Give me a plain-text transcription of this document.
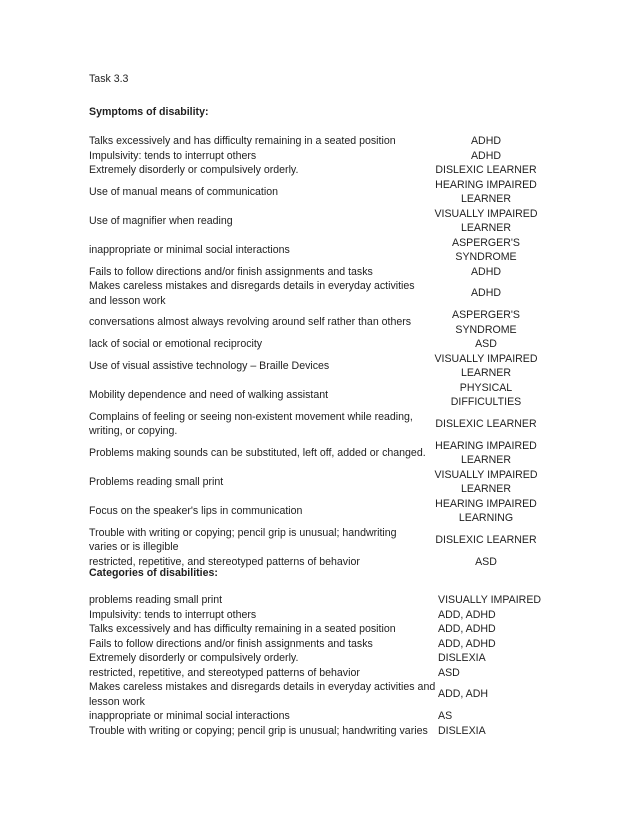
Task 3.3
Symptoms of disability:
Talks excessively and has difficulty remaining in a seated position	ADHD
Impulsivity: tends to interrupt others	ADHD
Extremely disorderly or compulsively orderly.	DISLEXIC LEARNER
Use of manual means of communication	HEARING IMPAIRED LEARNER
Use of magnifier when reading	VISUALLY IMPAIRED LEARNER
inappropriate or minimal social interactions	ASPERGER'S SYNDROME
Fails to follow directions and/or finish assignments and tasks	ADHD
Makes careless mistakes and disregards details in everyday activities and lesson work	ADHD
conversations almost always revolving around self rather than others	ASPERGER'S SYNDROME
lack of social or emotional reciprocity	ASD
Use of visual assistive technology – Braille Devices	VISUALLY IMPAIRED LEARNER
Mobility dependence and need of walking assistant	PHYSICAL DIFFICULTIES
Complains of feeling or seeing non-existent movement while reading, writing, or copying.	DISLEXIC LEARNER
Problems making sounds can be substituted, left off, added or changed.	HEARING IMPAIRED LEARNER
Problems reading small print	VISUALLY IMPAIRED LEARNER
Focus on the speaker's lips in communication	HEARING IMPAIRED LEARNING
Trouble with writing or copying; pencil grip is unusual; handwriting varies or is illegible	DISLEXIC LEARNER
restricted, repetitive, and stereotyped patterns of behavior	ASD
Categories of disabilities:
problems reading small print	VISUALLY IMPAIRED
Impulsivity: tends to interrupt others	ADD, ADHD
Talks excessively and has difficulty remaining in a seated position	ADD, ADHD
Fails to follow directions and/or finish assignments and tasks	ADD, ADHD
Extremely disorderly or compulsively orderly.	DISLEXIA
restricted, repetitive, and stereotyped patterns of behavior	ASD
Makes careless mistakes and disregards details in everyday activities and lesson work	ADD, ADH
inappropriate or minimal social interactions	AS
Trouble with writing or copying; pencil grip is unusual; handwriting varies	DISLEXIA
